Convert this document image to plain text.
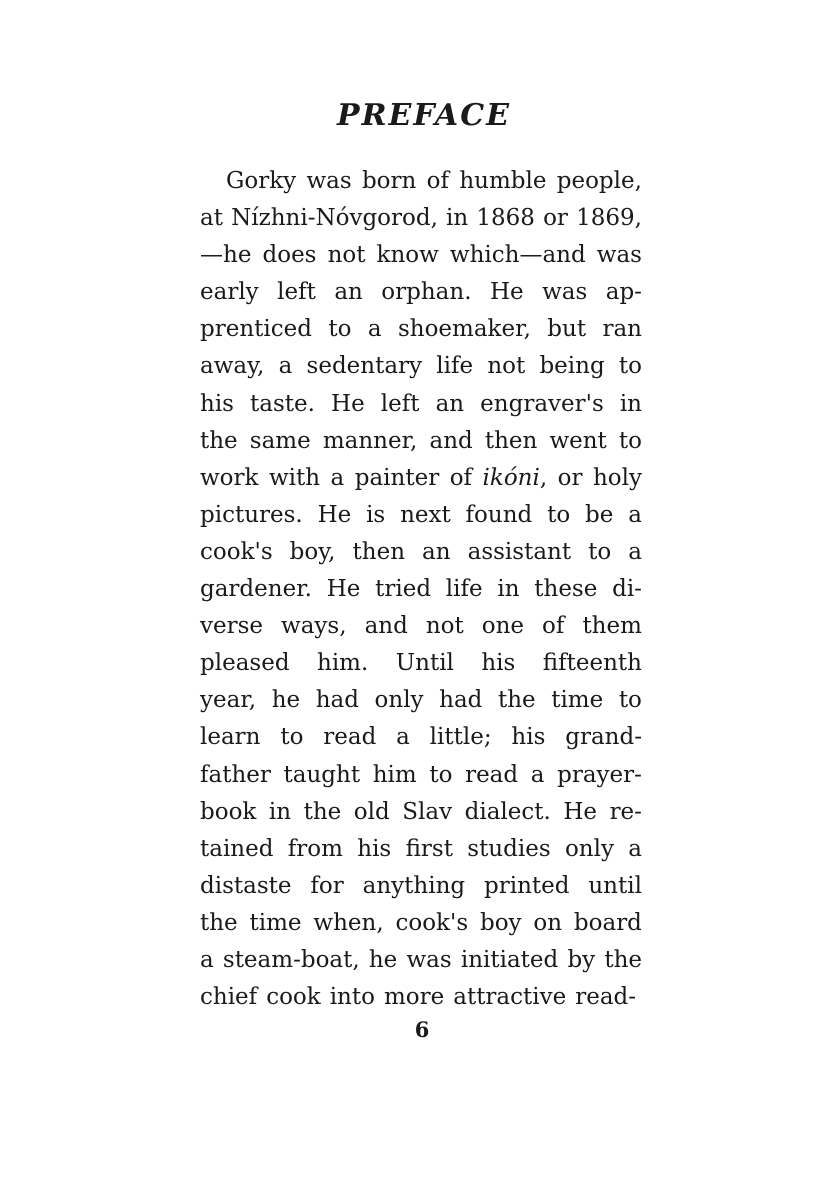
PREFACE
Gorky was born of humble people,
at Nízhni-Nóvgorod, in 1868 or 1869,
—he does not know which—and was
early left an orphan. He was ap-
prenticed to a shoemaker, but ran
away, a sedentary life not being to
his taste. He left an engraver's in
the same manner, and then went to
work with a painter of ikóni, or holy
pictures. He is next found to be a
cook's boy, then an assistant to a
gardener. He tried life in these di-
verse ways, and not one of them
pleased him. Until his fifteenth
year, he had only had the time to
learn to read a little; his grand-
father taught him to read a prayer-
book in the old Slav dialect. He re-
tained from his first studies only a
distaste for anything printed until
the time when, cook's boy on board
a steam-boat, he was initiated by the
chief cook into more attractive read-
6
